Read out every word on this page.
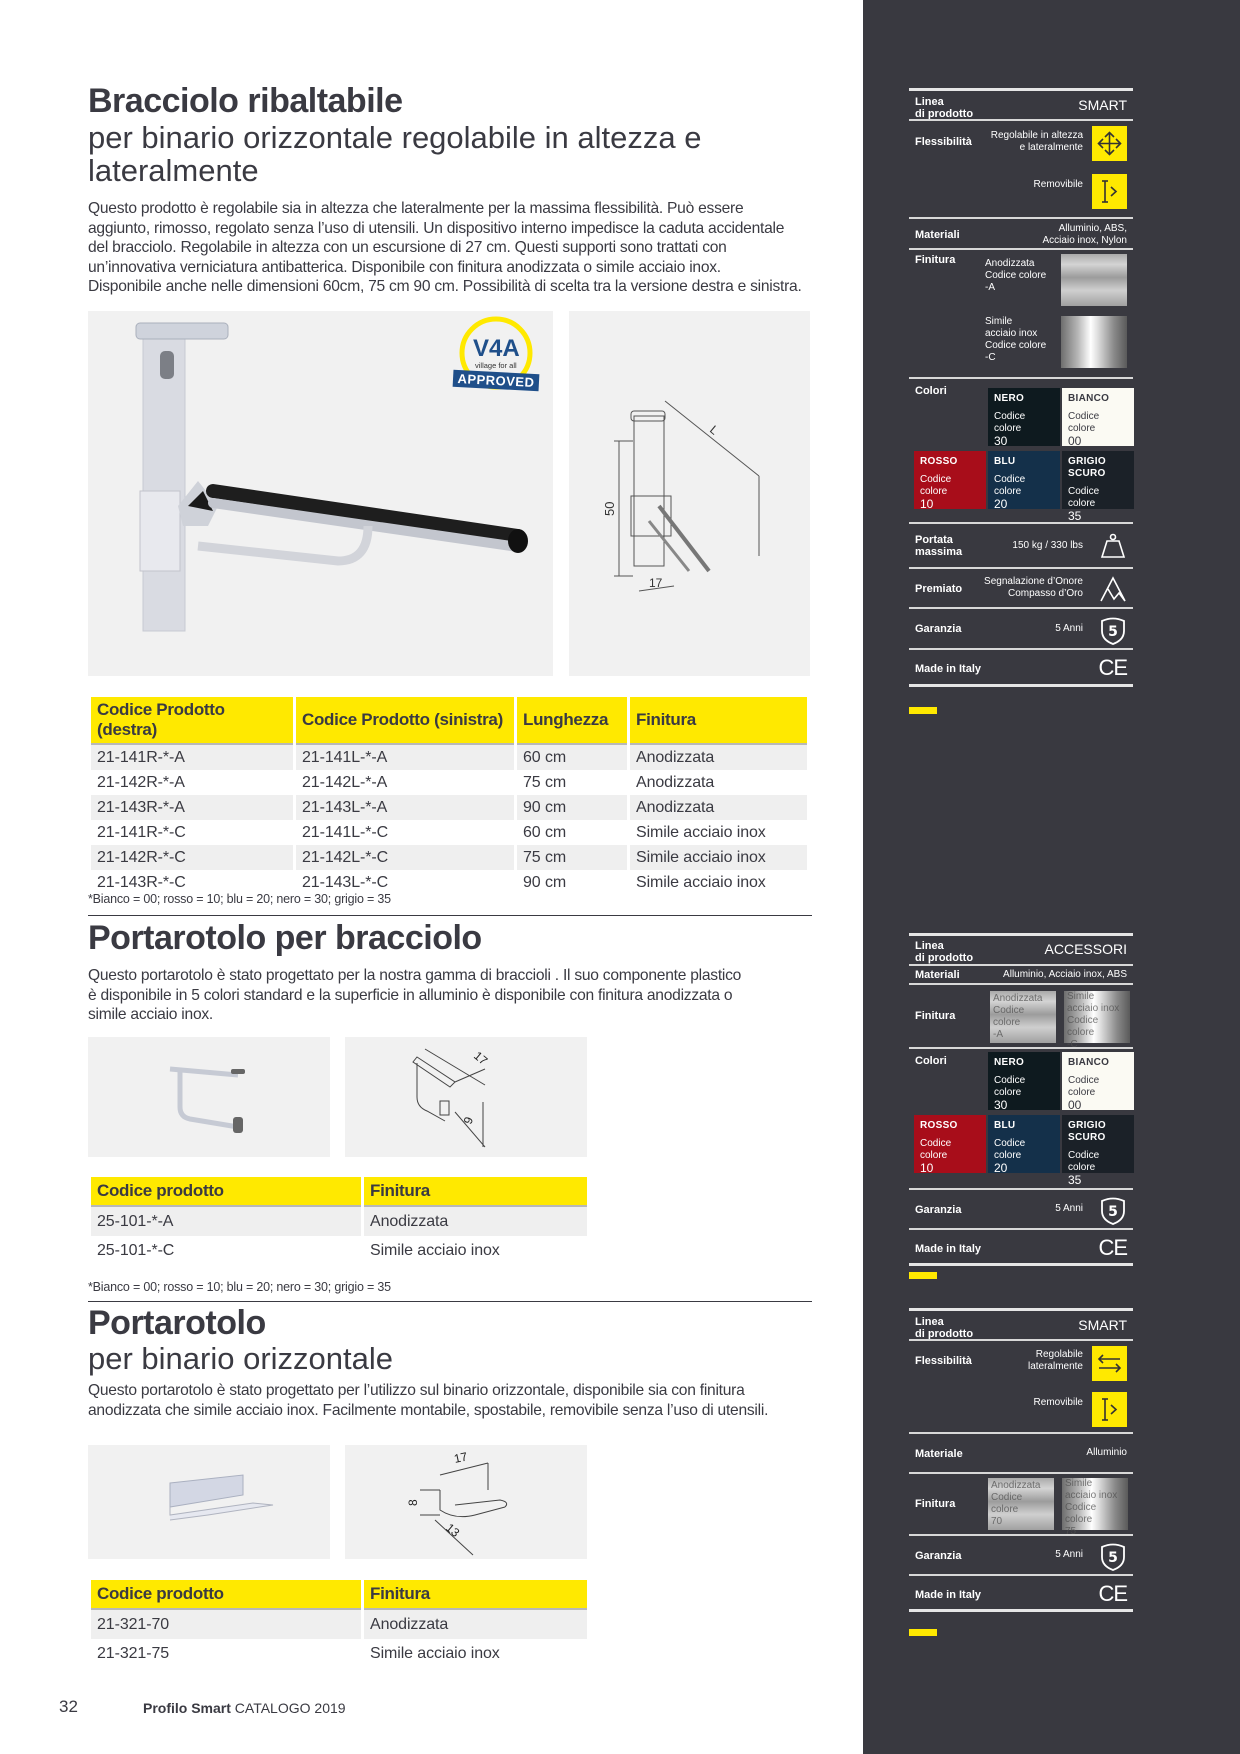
Bracciolo ribaltabile
per binario orizzontale regolabile in altezza e
lateralmente
Questo prodotto è regolabile sia in altezza che lateralmente per la massima flessibilità. Può essere
aggiunto, rimosso, regolato senza l’uso di utensili. Un dispositivo interno impedisce la caduta accidentale
del bracciolo. Regolabile in altezza con un escursione di 27 cm. Questi supporti sono trattati con
un’innovativa verniciatura antibatterica. Disponibile con finitura anodizzata o simile acciaio inox.
Disponibile anche nelle dimensioni 60cm, 75 cm 90 cm. Possibilità di scelta tra la versione destra e sinistra.
V4A
village for all
APPROVED
50
17
L
Codice Prodotto (destra)	Codice Prodotto (sinistra)	Lunghezza	Finitura
21-141R-*-A	21-141L-*-A	60 cm	Anodizzata
21-142R-*-A	21-142L-*-A	75 cm	Anodizzata
21-143R-*-A	21-143L-*-A	90 cm	Anodizzata
21-141R-*-C	21-141L-*-C	60 cm	Simile acciaio inox
21-142R-*-C	21-142L-*-C	75 cm	Simile acciaio inox
21-143R-*-C	21-143L-*-C	90 cm	Simile acciaio inox
*Bianco = 00; rosso = 10; blu = 20; nero = 30; grigio = 35
Portarotolo per bracciolo
Questo portarotolo è stato progettato per la nostra gamma di braccioli . Il suo componente plastico
è disponibile in 5 colori standard e la superficie in alluminio è disponibile con finitura anodizzata o
simile acciaio inox.
17
9
Codice prodotto	Finitura
25-101-*-A	Anodizzata
25-101-*-C	Simile acciaio inox
*Bianco = 00; rosso = 10; blu = 20; nero = 30; grigio = 35
Portarotolo
per binario orizzontale
Questo portarotolo è stato progettato per l’utilizzo sul binario orizzontale, disponibile sia con finitura
anodizzata che simile acciaio inox. Facilmente montabile, spostabile, removibile senza l’uso di utensili.
17
8
13
Codice prodotto	Finitura
21-321-70	Anodizzata
21-321-75	Simile acciaio inox
32	Profilo Smart CATALOGO 2019
Linea
di prodotto
SMART
Flessibilità
Regolabile in altezza
e lateralmente
Removibile
Materiali
Alluminio, ABS,
Acciaio inox, Nylon
Finitura	Anodizzata
Codice colore
-A
Simile
acciaio inox
Codice colore
-C
Colori
NERO
Codice colore
30
BIANCO
Codice colore
00
ROSSO
Codice colore
10
BLU
Codice colore
20
GRIGIO SCURO
Codice colore
35
Portata
massima
150 kg / 330 lbs
Premiato
Segnalazione d’Onore
Compasso d’Oro
Garanzia	5 Anni 5
Made in Italy	CE
Linea
di prodotto
ACCESSORI
Materiali	Alluminio, Acciaio inox, ABS
Finitura
Anodizzata
Codice colore
-A
Simile
acciaio inox
Codice colore
-C
Colori	NERO
Codice colore
30
BIANCO
Codice colore
00
ROSSO
Codice colore
10
BLU
Codice colore
20
GRIGIO SCURO
Codice colore
35
Garanzia	5 Anni 5
Made in Italy	CE
Linea
di prodotto
SMART
Flessibilità
Regolabile
lateralmente
Removibile
Materiale	Alluminio
Finitura
Anodizzata
Codice colore
70
Simile
acciaio inox
Codice colore
75
Garanzia	5 Anni 5
Made in Italy	CE
